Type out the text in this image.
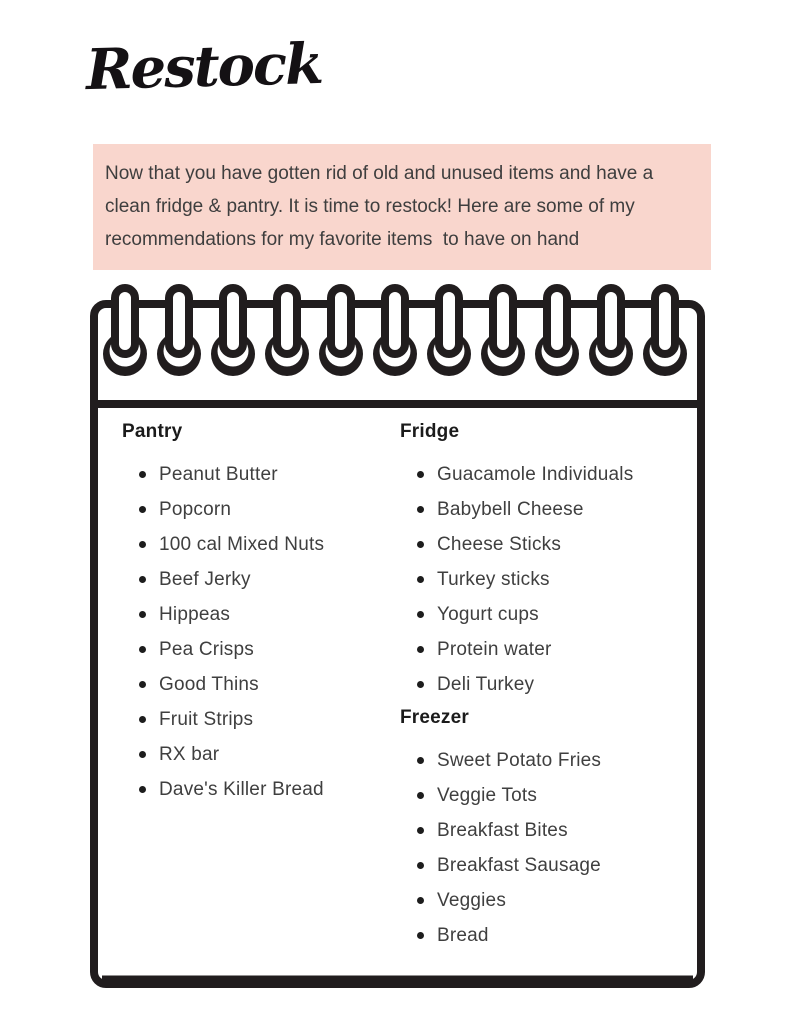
Restock

Now that you have gotten rid of old and unused items and have a clean fridge & pantry. It is time to restock! Here are some of my recommendations for my favorite items  to have on hand

Pantry
Peanut Butter
Popcorn
100 cal Mixed Nuts
Beef Jerky
Hippeas
Pea Crisps
Good Thins
Fruit Strips
RX bar
Dave's Killer Bread
Fridge
Guacamole Individuals
Babybell Cheese
Cheese Sticks
Turkey sticks
Yogurt cups
Protein water
Deli Turkey
Freezer
Sweet Potato Fries
Veggie Tots
Breakfast Bites
Breakfast Sausage
Veggies
Bread
